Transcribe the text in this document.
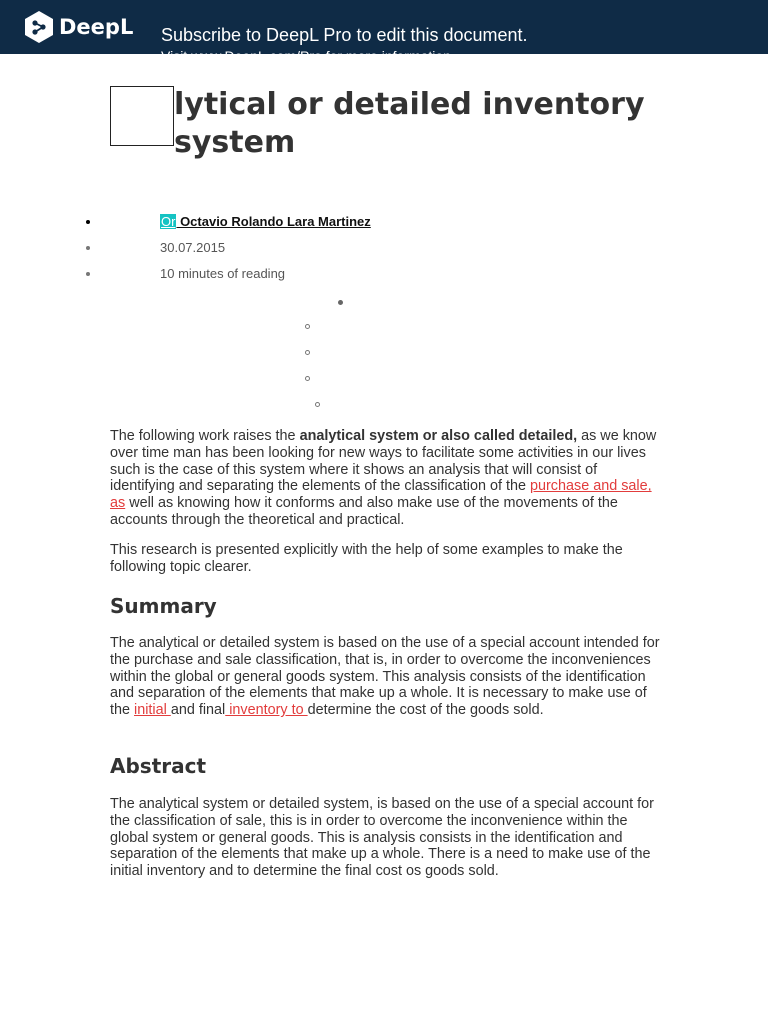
DeepL Subscribe to DeepL Pro to edit this document.
Visit www.DeepL.com/Pro for more information.
lytical or detailed inventory system
Or Octavio Rolando Lara Martinez
30.07.2015
10 minutes of reading

The following work raises the analytical system or also called detailed, as we know over time man has been looking for new ways to facilitate some activities in our lives such is the case of this system where it shows an analysis that will consist of identifying and separating the elements of the classification of the purchase and sale, as well as knowing how it conforms and also make use of the movements of the accounts through the theoretical and practical.

This research is presented explicitly with the help of some examples to make the following topic clearer.

Summary

The analytical or detailed system is based on the use of a special account intended for the purchase and sale classification, that is, in order to overcome the inconveniences within the global or general goods system. This analysis consists of the identification and separation of the elements that make up a whole. It is necessary to make use of the initial and final inventory to determine the cost of the goods sold.

Abstract

The analytical system or detailed system, is based on the use of a special account for the classification of sale, this is in order to overcome the inconvenience within the global system or general goods. This is analysis consists in the identification and separation of the elements that make up a whole. There is a need to make use of the initial inventory and to determine the final cost os goods sold.
